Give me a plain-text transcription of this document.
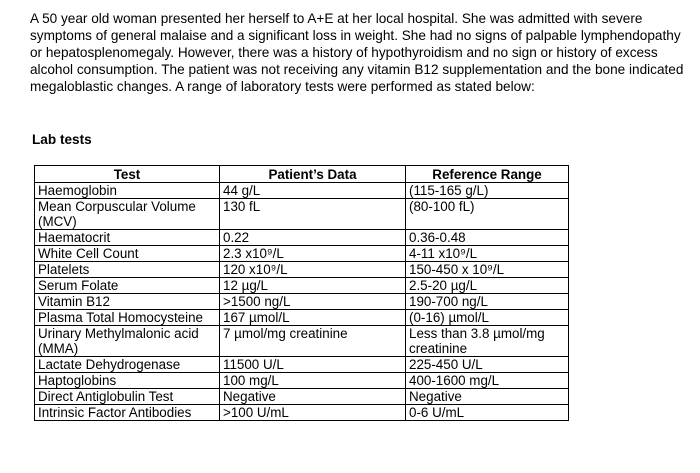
A 50 year old woman presented her herself to A+E at her local hospital. She was admitted with severe symptoms of general malaise and a significant loss in weight. She had no signs of palpable lymphendopathy or hepatosplenomegaly. However, there was a history of hypothyroidism and no sign or history of excess alcohol consumption. The patient was not receiving any vitamin B12 supplementation and the bone indicated megaloblastic changes. A range of laboratory tests were performed as stated below:

Lab tests
Test	Patient’s Data	Reference Range
Haemoglobin	44 g/L	(115-165 g/L)
Mean Corpuscular Volume (MCV)	130 fL	(80-100 fL)
Haematocrit	0.22	0.36-0.48
White Cell Count	2.3 x10⁹/L	4-11 x10⁹/L
Platelets	120 x10⁹/L	150-450 x 10⁹/L
Serum Folate	12 µg/L	2.5-20 µg/L
Vitamin B12	>1500 ng/L	190-700 ng/L
Plasma Total Homocysteine	167 µmol/L	(0-16) µmol/L
Urinary Methylmalonic acid (MMA)	7 µmol/mg creatinine	Less than 3.8 µmol/mg creatinine
Lactate Dehydrogenase	11500 U/L	225-450 U/L
Haptoglobins	100 mg/L	400-1600 mg/L
Direct Antiglobulin Test	Negative	Negative
Intrinsic Factor Antibodies	>100 U/mL	0-6 U/mL
